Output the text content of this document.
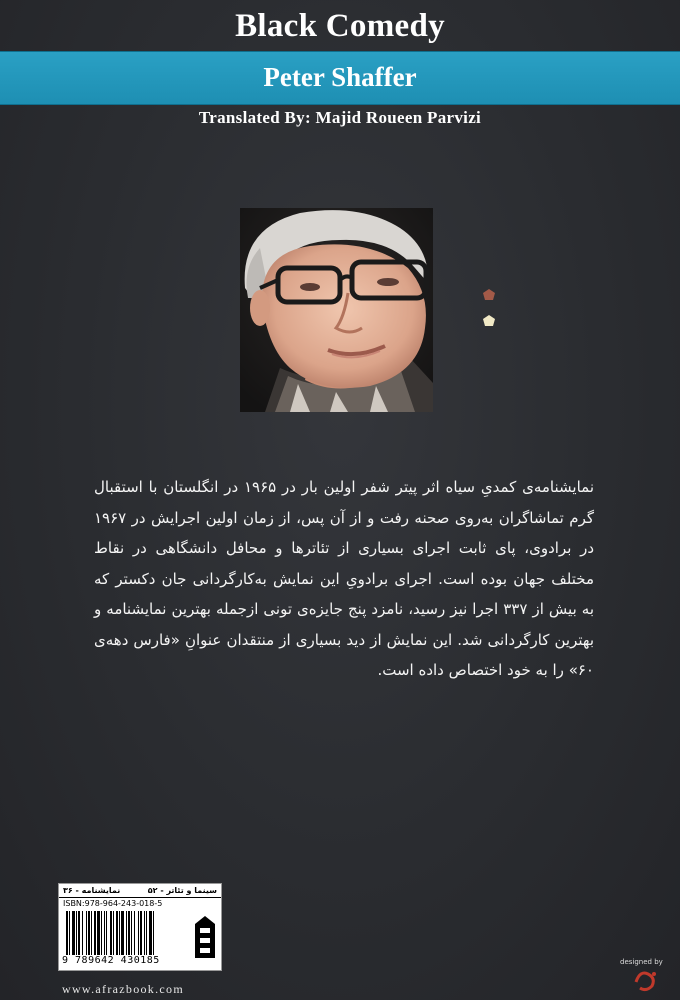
Black Comedy
Peter Shaffer
Translated By: Majid Roueen Parvizi
نمایشنامه‌ی کمدیِ سیاه اثر پیتر شفر اولین بار در ۱۹۶۵ در انگلستان با استقبال گرم تماشاگران به‌روی صحنه رفت و از آن پس، از زمان اولین اجرایش در ۱۹۶۷ در برادوی، پای ثابت اجرای بسیاری از تئاترها و محافل دانشگاهی در نقاط مختلف جهان بوده است. اجرای برادویِ این نمایش به‌کارگردانی جان دکستر که به بیش از ۳۳۷ اجرا نیز رسید، نامزد پنج جایزه‌ی تونی ازجمله بهترین نمایشنامه و بهترین کارگردانی شد. این نمایش از دید بسیاری از منتقدان عنوانِ «فارس دهه‌ی ۶۰» را به خود اختصاص داده است.
سینما و تئاتر - ۵۲
نمایشنامه - ۳۶
ISBN:978-964-243-018-5
9 789642 430185
www.afrazbook.com
designed by
